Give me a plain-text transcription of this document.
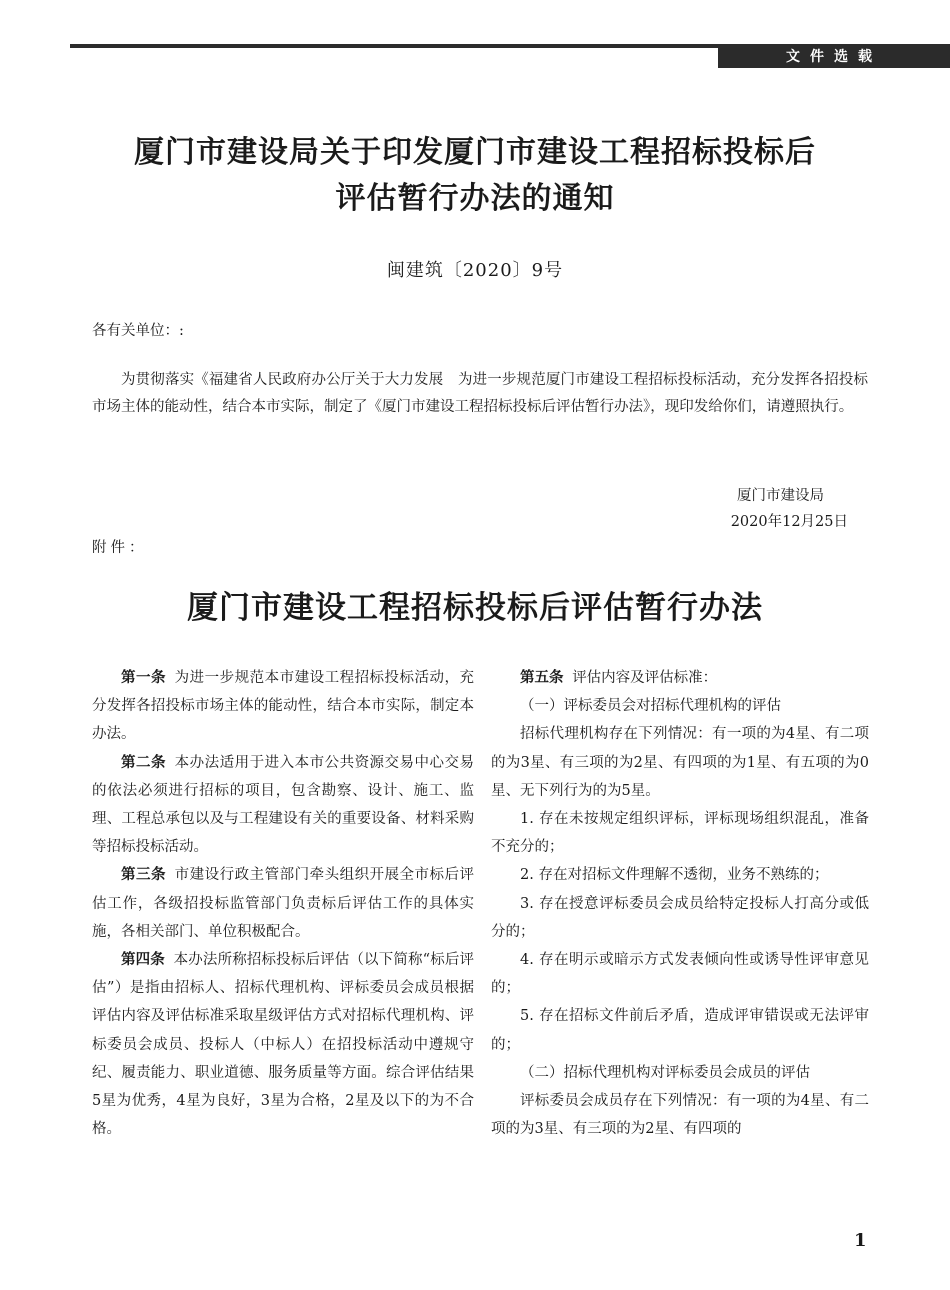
文件选载
厦门市建设局关于印发厦门市建设工程招标投标后
评估暂行办法的通知
闽建筑〔2020〕9号
各有关单位：:

为贯彻落实《福建省人民政府办公厅关于大力发展　为进一步规范厦门市建设工程招标投标活动，充分发挥各招投标市场主体的能动性，结合本市实际，制定了《厦门市建设工程招标投标后评估暂行办法》，现印发给你们，请遵照执行。

厦门市建设局
2020年12月25日
附件：
厦门市建设工程招标投标后评估暂行办法

第一条 为进一步规范本市建设工程招标投标活动，充分发挥各招投标市场主体的能动性，结合本市实际，制定本办法。

第二条 本办法适用于进入本市公共资源交易中心交易的依法必须进行招标的项目，包含勘察、设计、施工、监理、工程总承包以及与工程建设有关的重要设备、材料采购等招标投标活动。

第三条 市建设行政主管部门牵头组织开展全市标后评估工作，各级招投标监管部门负责标后评估工作的具体实施，各相关部门、单位积极配合。

第四条 本办法所称招标投标后评估（以下简称“标后评估”）是指由招标人、招标代理机构、评标委员会成员根据评估内容及评估标准采取星级评估方式对招标代理机构、评标委员会成员、投标人（中标人）在招投标活动中遵规守纪、履责能力、职业道德、服务质量等方面。综合评估结果5星为优秀，4星为良好，3星为合格，2星及以下的为不合格。

第五条 评估内容及评估标准：

（一）评标委员会对招标代理机构的评估

招标代理机构存在下列情况：有一项的为4星、有二项的为3星、有三项的为2星、有四项的为1星、有五项的为0星、无下列行为的为5星。

1. 存在未按规定组织评标，评标现场组织混乱，准备不充分的；

2. 存在对招标文件理解不透彻，业务不熟练的；

3. 存在授意评标委员会成员给特定投标人打高分或低分的；

4. 存在明示或暗示方式发表倾向性或诱导性评审意见的；

5. 存在招标文件前后矛盾，造成评审错误或无法评审的；

（二）招标代理机构对评标委员会成员的评估

评标委员会成员存在下列情况：有一项的为4星、有二项的为3星、有三项的为2星、有四项的

1
